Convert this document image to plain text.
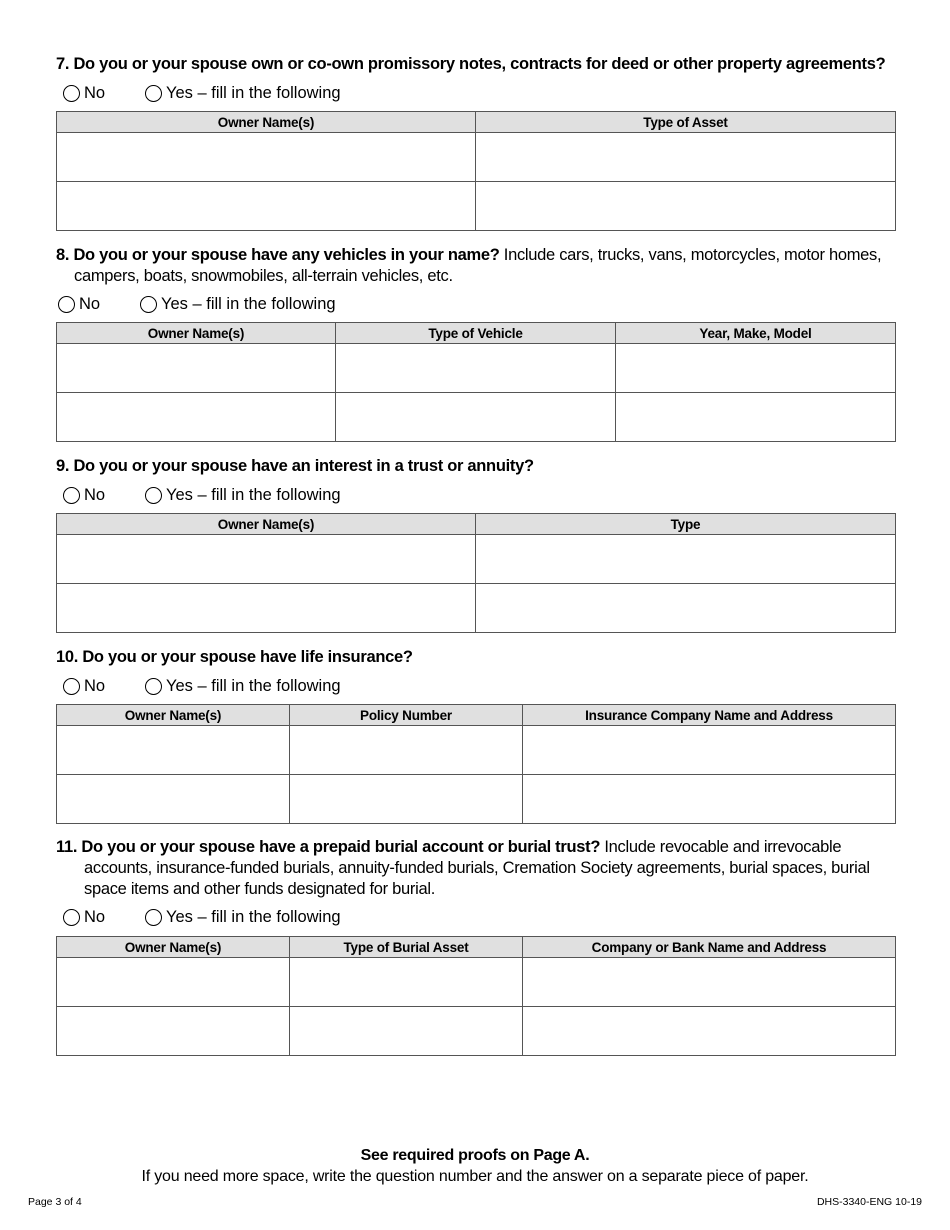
7. Do you or your spouse own or co-own promissory notes, contracts for deed or other property agreements?

No	Yes – fill in the following
Owner Name(s)	Type of Asset

8. Do you or your spouse have any vehicles in your name? Include cars, trucks, vans, motorcycles, motor homes,
campers, boats, snowmobiles, all-terrain vehicles, etc.

No	Yes – fill in the following
Owner Name(s)	Type of Vehicle	Year, Make, Model

9. Do you or your spouse have an interest in a trust or annuity?

No	Yes – fill in the following
Owner Name(s)	Type

10. Do you or your spouse have life insurance?

No	Yes – fill in the following
Owner Name(s)	Policy Number	Insurance Company Name and Address

11. Do you or your spouse have a prepaid burial account or burial trust? Include revocable and irrevocable
accounts, insurance-funded burials, annuity-funded burials, Cremation Society agreements, burial spaces, burial
space items and other funds designated for burial.

No	Yes – fill in the following
Owner Name(s)	Type of Burial Asset	Company or Bank Name and Address

See required proofs on Page A.
If you need more space, write the question number and the answer on a separate piece of paper.
Page 3 of 4	DHS-3340-ENG 10-19
